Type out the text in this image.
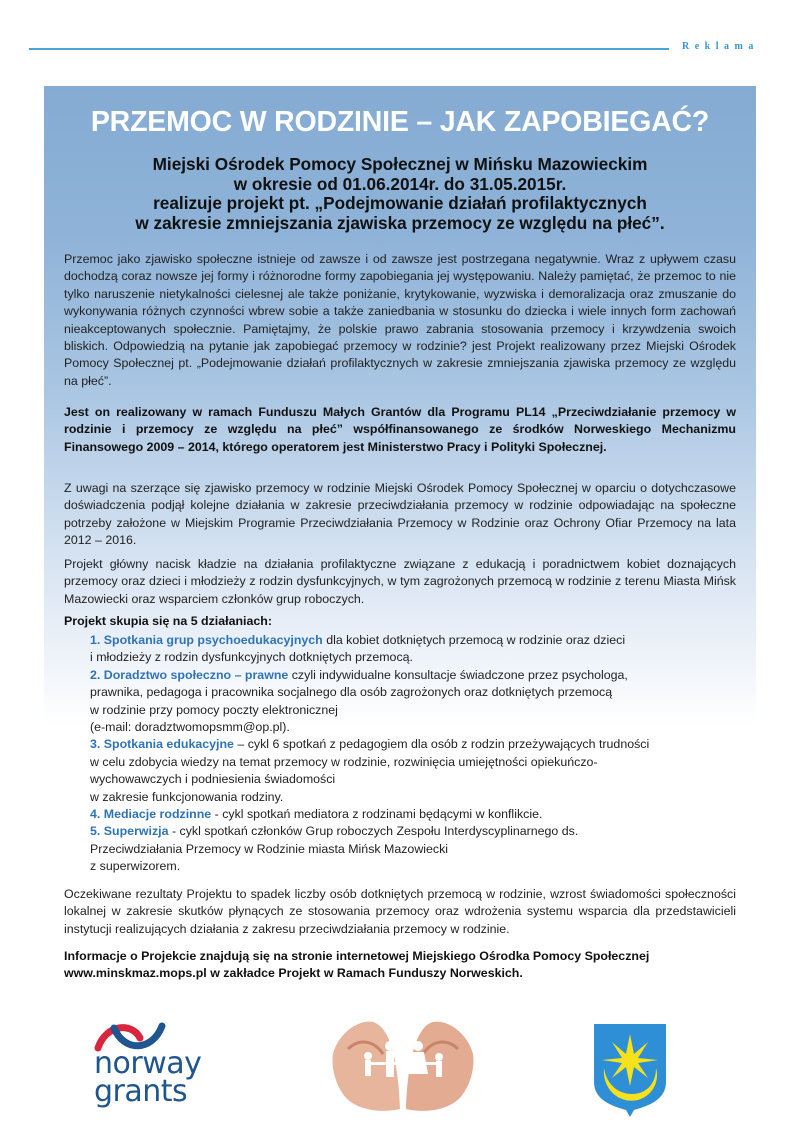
Reklama
PRZEMOC W RODZINIE – JAK ZAPOBIEGAĆ?
Miejski Ośrodek Pomocy Społecznej w Mińsku Mazowieckim
w okresie od 01.06.2014r. do 31.05.2015r.
realizuje projekt pt. „Podejmowanie działań profilaktycznych
w zakresie zmniejszania zjawiska przemocy ze względu na płeć”.
Przemoc jako zjawisko społeczne istnieje od zawsze i od zawsze jest postrzegana negatywnie. Wraz z upływem czasu dochodzą coraz nowsze jej formy i różnorodne formy zapobiegania jej występowaniu. Należy pamiętać, że przemoc to nie tylko naruszenie nietykalności cielesnej ale także poniżanie, krytykowanie, wyzwiska i demoralizacja oraz zmuszanie do wykonywania różnych czynności wbrew sobie a także zaniedbania w stosunku do dziecka i wiele innych form zachowań nieakceptowanych społecznie. Pamiętajmy, że polskie prawo zabrania stosowania przemocy i krzywdzenia swoich bliskich. Odpowiedzią na pytanie jak zapobiegać przemocy w rodzinie? jest Projekt realizowany przez Miejski Ośrodek Pomocy Społecznej pt. „Podejmowanie działań profilaktycznych w zakresie zmniejszania zjawiska przemocy ze względu na płeć”.
Jest on realizowany w ramach Funduszu Małych Grantów dla Programu PL14 „Przeciwdziałanie przemocy w rodzinie i przemocy ze względu na płeć” współfinansowanego ze środków Norweskiego Mechanizmu Finansowego 2009 – 2014, którego operatorem jest Ministerstwo Pracy i Polityki Społecznej.
Z uwagi na szerzące się zjawisko przemocy w rodzinie Miejski Ośrodek Pomocy Społecznej w oparciu o dotychczasowe doświadczenia podjął kolejne działania w zakresie przeciwdziałania przemocy w rodzinie odpowiadając na społeczne potrzeby założone w Miejskim Programie Przeciwdziałania Przemocy w Rodzinie oraz Ochrony Ofiar Przemocy na lata 2012 – 2016.
Projekt główny nacisk kładzie na działania profilaktyczne związane z edukacją i poradnictwem kobiet doznających przemocy oraz dzieci i młodzieży z rodzin dysfunkcyjnych, w tym zagrożonych przemocą w rodzinie z terenu Miasta Mińsk Mazowiecki oraz wsparciem członków grup roboczych.
Projekt skupia się na 5 działaniach:
1. Spotkania grup psychoedukacyjnych dla kobiet dotkniętych przemocą w rodzinie oraz dzieci
i młodzieży z rodzin dysfunkcyjnych dotkniętych przemocą.
2. Doradztwo społeczno – prawne czyli indywidualne konsultacje świadczone przez psychologa,
prawnika, pedagoga i pracownika socjalnego dla osób zagrożonych oraz dotkniętych przemocą
w rodzinie przy pomocy poczty elektronicznej
(e-mail: doradztwomopsmm@op.pl).
3. Spotkania edukacyjne – cykl 6 spotkań z pedagogiem dla osób z rodzin przeżywających trudności
w celu zdobycia wiedzy na temat przemocy w rodzinie, rozwinięcia umiejętności opiekuńczo-
wychowawczych i podniesienia świadomości
w zakresie funkcjonowania rodziny.
4. Mediacje rodzinne - cykl spotkań mediatora z rodzinami będącymi w konflikcie.
5. Superwizja - cykl spotkań członków Grup roboczych Zespołu Interdyscyplinarnego ds.
Przeciwdziałania Przemocy w Rodzinie miasta Mińsk Mazowiecki
z superwizorem.
Oczekiwane rezultaty Projektu to spadek liczby osób dotkniętych przemocą w rodzinie, wzrost świadomości społeczności lokalnej w zakresie skutków płynących ze stosowania przemocy oraz wdrożenia systemu wsparcia dla przedstawicieli instytucji realizujących działania z zakresu przeciwdziałania przemocy w rodzinie.
Informacje o Projekcie znajdują się na stronie internetowej Miejskiego Ośrodka Pomocy Społecznej www.minskmaz.mops.pl w zakładce Projekt w Ramach Funduszy Norweskich.
norway
grants
